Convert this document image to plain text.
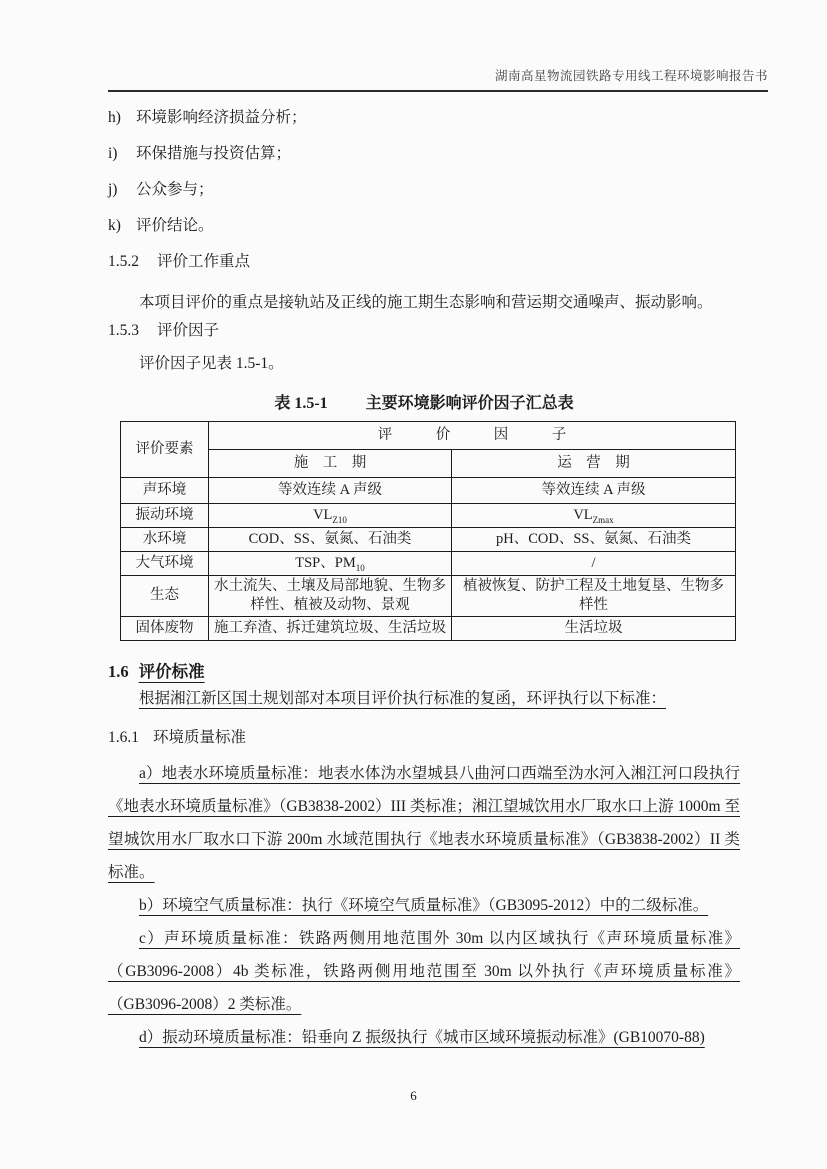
湖南高星物流园铁路专用线工程环境影响报告书
h) 环境影响经济损益分析；
i) 环保措施与投资估算；
j) 公众参与；
k) 评价结论。
1.5.2 评价工作重点

本项目评价的重点是接轨站及正线的施工期生态影响和营运期交通噪声、振动影响。

1.5.3 评价因子

评价因子见表 1.5-1。

表 1.5-1 主要环境影响评价因子汇总表
评价要素	评价因子	
	施工期	运营期
声环境	等效连续 A 声级	等效连续 A 声级
振动环境	$VL_{Z10}$	$VL_{Zmax}$
水环境	COD、SS、氨氮、石油类	pH、COD、SS、氨氮、石油类
大气环境	TSP、$PM_{10}$	/
生态	水土流失、土壤及局部地貌、生物多样性、植被及动物、景观	植被恢复、防护工程及土地复垦、生物多样性
固体废物	施工弃渣、拆迁建筑垃圾、生活垃圾	生活垃圾
1.6 评价标准

根据湘江新区国土规划部对本项目评价执行标准的复函，环评执行以下标准：

1.6.1 环境质量标准

a）地表水环境质量标准：地表水体沩水望城县八曲河口西端至沩水河入湘江河口段执行《地表水环境质量标准》（GB3838-2002）III 类标准；湘江望城饮用水厂取水口上游 1000m 至望城饮用水厂取水口下游 200m 水域范围执行《地表水环境质量标准》（GB3838-2002）II 类标准。

b）环境空气质量标准：执行《环境空气质量标准》（GB3095-2012）中的二级标准。

c）声环境质量标准：铁路两侧用地范围外 30m 以内区域执行《声环境质量标准》（GB3096-2008）4b 类标准，铁路两侧用地范围至 30m 以外执行《声环境质量标准》（GB3096-2008）2 类标准。

d）振动环境质量标准：铅垂向 Z 振级执行《城市区域环境振动标准》(GB10070-88)

6
